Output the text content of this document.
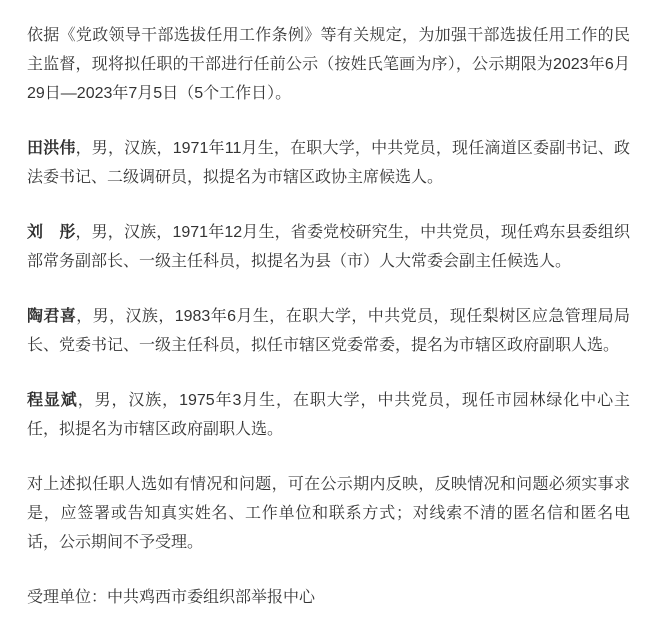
依据《党政领导干部选拔任用工作条例》等有关规定，为加强干部选拔任用工作的民主监督，现将拟任职的干部进行任前公示（按姓氏笔画为序），公示期限为2023年6月29日—2023年7月5日（5个工作日）。

田洪伟，男，汉族，1971年11月生，在职大学，中共党员，现任滴道区委副书记、政法委书记、二级调研员，拟提名为市辖区政协主席候选人。

刘　彤，男，汉族，1971年12月生，省委党校研究生，中共党员，现任鸡东县委组织部常务副部长、一级主任科员，拟提名为县（市）人大常委会副主任候选人。

陶君喜，男，汉族，1983年6月生，在职大学，中共党员，现任梨树区应急管理局局长、党委书记、一级主任科员，拟任市辖区党委常委，提名为市辖区政府副职人选。

程显斌，男，汉族，1975年3月生，在职大学，中共党员，现任市园林绿化中心主任，拟提名为市辖区政府副职人选。

对上述拟任职人选如有情况和问题，可在公示期内反映，反映情况和问题必须实事求是，应签署或告知真实姓名、工作单位和联系方式；对线索不清的匿名信和匿名电话，公示期间不予受理。

受理单位：中共鸡西市委组织部举报中心
